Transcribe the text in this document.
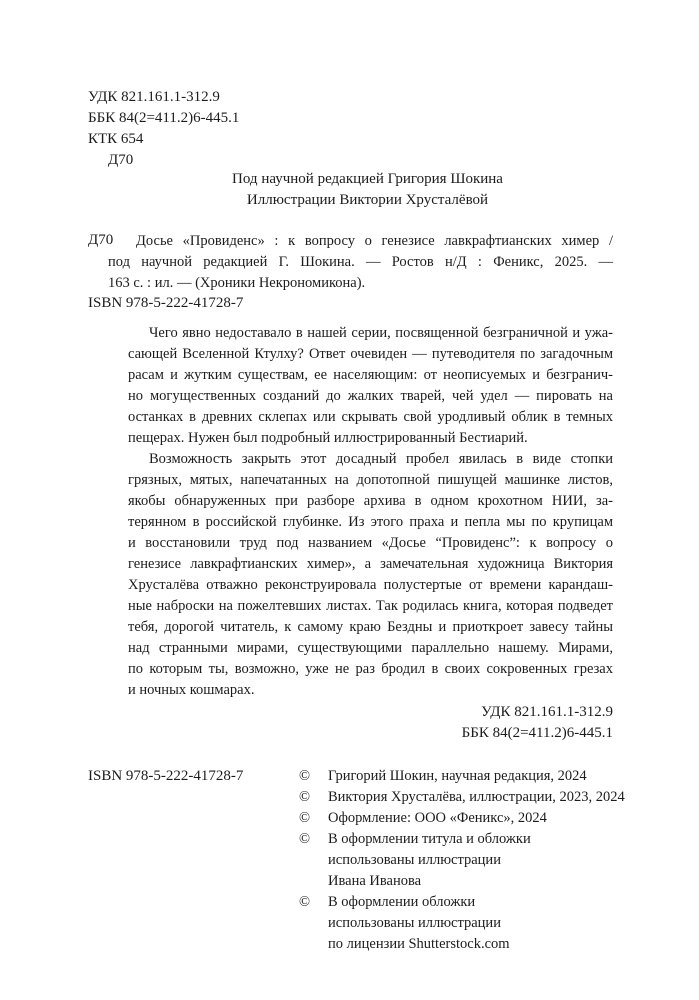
УДК 821.161.1-312.9
ББК 84(2=411.2)6-445.1
КТК 654
Д70
Под научной редакцией Григория Шокина
Иллюстрации Виктории Хрусталёвой
Д70 Досье «Провиденс» : к вопросу о генезисе лавкрафтианских химер /
под научной редакцией Г. Шокина. — Ростов н/Д : Феникс, 2025. —
163 с. : ил. — (Хроники Некрономикона).
ISBN 978-5-222-41728-7
Чего явно недоставало в нашей серии, посвященной безграничной и ужа-
сающей Вселенной Ктулху? Ответ очевиден — путеводителя по загадочным
расам и жутким существам, ее населяющим: от неописуемых и безгранич-
но могущественных созданий до жалких тварей, чей удел — пировать на
останках в древних склепах или скрывать свой уродливый облик в темных
пещерах. Нужен был подробный иллюстрированный Бестиарий.
Возможность закрыть этот досадный пробел явилась в виде стопки
грязных, мятых, напечатанных на допотопной пишущей машинке листов,
якобы обнаруженных при разборе архива в одном крохотном НИИ, за-
терянном в российской глубинке. Из этого праха и пепла мы по крупицам
и восстановили труд под названием «Досье “Провиденс”: к вопросу о
генезисе лавкрафтианских химер», а замечательная художница Виктория
Хрусталёва отважно реконструировала полустертые от времени карандаш-
ные наброски на пожелтевших листах. Так родилась книга, которая подведет
тебя, дорогой читатель, к самому краю Бездны и приоткроет завесу тайны
над странными мирами, существующими параллельно нашему. Мирами,
по которым ты, возможно, уже не раз бродил в своих сокровенных грезах
и ночных кошмарах.
УДК 821.161.1-312.9
ББК 84(2=411.2)6-445.1
ISBN 978-5-222-41728-7	© Григорий Шокин, научная редакция, 2024
© Виктория Хрусталёва, иллюстрации, 2023, 2024
© Оформление: ООО «Феникс», 2024
© В оформлении титула и обложки
использованы иллюстрации
Ивана Иванова
© В оформлении обложки
использованы иллюстрации
по лицензии Shutterstock.com
